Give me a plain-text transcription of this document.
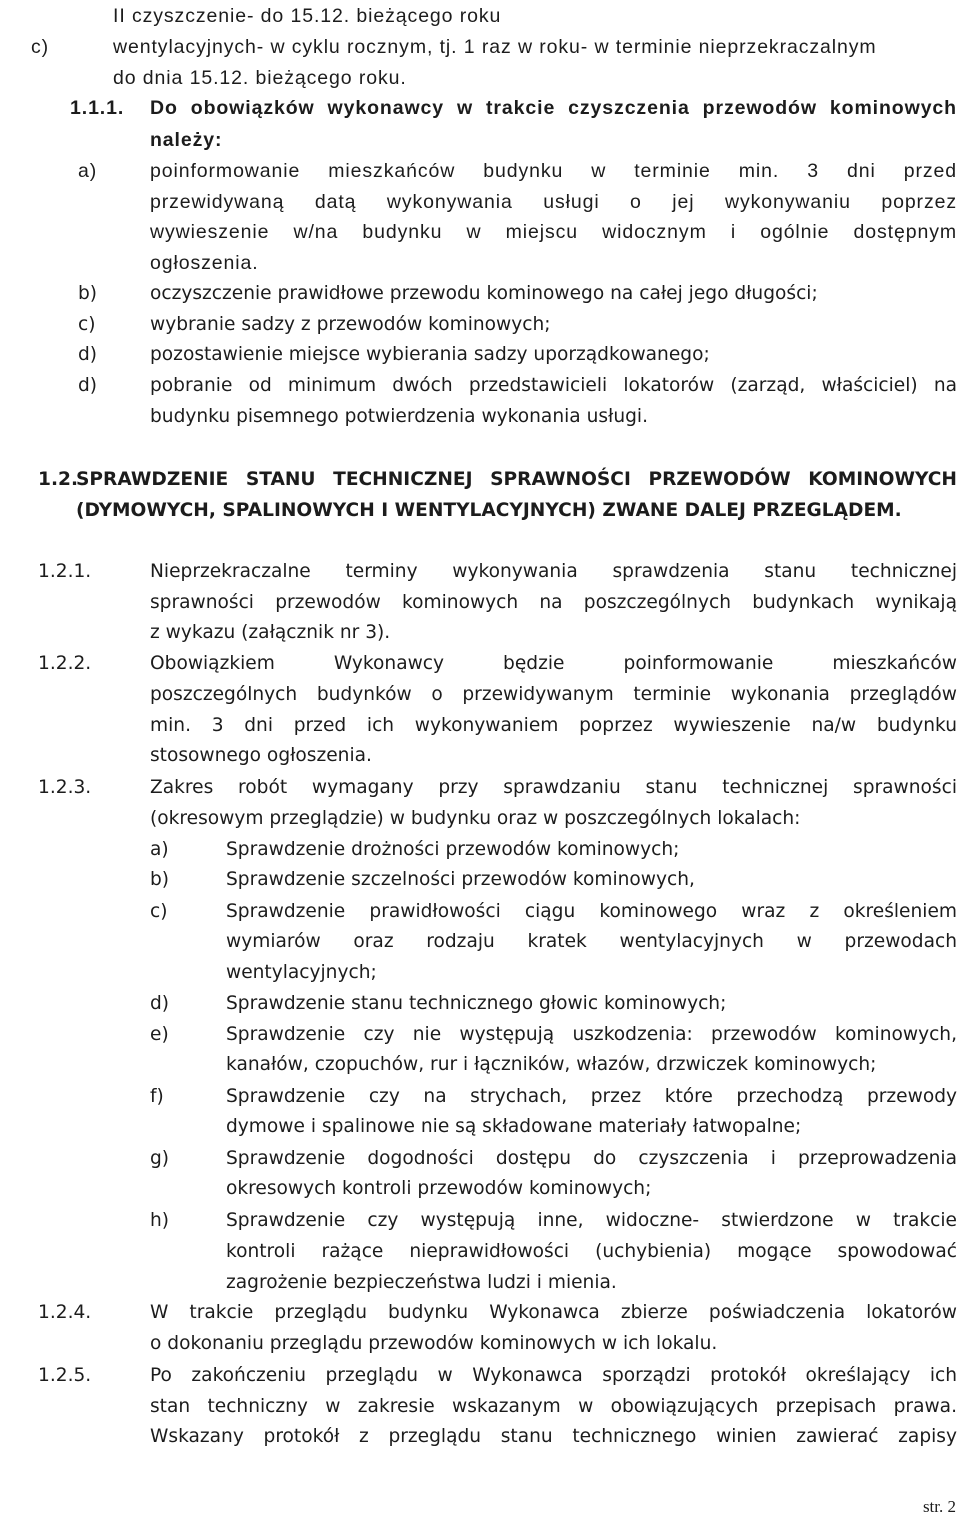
II czyszczenie- do 15.12. bieżącego roku
c)	wentylacyjnych- w cyklu rocznym, tj. 1 raz w roku- w terminie nieprzekraczalnym
do dnia 15.12. bieżącego roku.
1.1.1. Do obowiązków wykonawcy w trakcie czyszczenia przewodów kominowych
należy:
a)	poinformowanie mieszkańców budynku w terminie min. 3 dni przed
przewidywaną datą wykonywania usługi o jej wykonywaniu poprzez
wywieszenie w/na budynku w miejscu widocznym i ogólnie dostępnym
ogłoszenia.
b)	oczyszczenie prawidłowe przewodu kominowego na całej jego długości;
c)	wybranie sadzy z przewodów kominowych;
d)	pozostawienie miejsce wybierania sadzy uporządkowanego;
d)	pobranie od minimum dwóch przedstawicieli lokatorów (zarząd, właściciel) na
budynku pisemnego potwierdzenia wykonania usługi.
1.2.
SPRAWDZENIE STANU TECHNICZNEJ SPRAWNOŚCI PRZEWODÓW KOMINOWYCH
(DYMOWYCH, SPALINOWYCH I WENTYLACYJNYCH) ZWANE DALEJ PRZEGLĄDEM.
1.2.1.	Nieprzekraczalne terminy wykonywania sprawdzenia stanu technicznej
sprawności przewodów kominowych na poszczególnych budynkach wynikają
z wykazu (załącznik nr 3).
1.2.2.	Obowiązkiem Wykonawcy będzie poinformowanie mieszkańców
poszczególnych budynków o przewidywanym terminie wykonania przeglądów
min. 3 dni przed ich wykonywaniem poprzez wywieszenie na/w budynku
stosownego ogłoszenia.
1.2.3.	Zakres robót wymagany przy sprawdzaniu stanu technicznej sprawności
(okresowym przeglądzie) w budynku oraz w poszczególnych lokalach:
a)	Sprawdzenie drożności przewodów kominowych;
b)	Sprawdzenie szczelności przewodów kominowych,
c)	Sprawdzenie prawidłowości ciągu kominowego wraz z określeniem
wymiarów oraz rodzaju kratek wentylacyjnych w przewodach
wentylacyjnych;
d)	Sprawdzenie stanu technicznego głowic kominowych;
e)	Sprawdzenie czy nie występują uszkodzenia: przewodów kominowych,
kanałów, czopuchów, rur i łączników, włazów, drzwiczek kominowych;
f)	Sprawdzenie czy na strychach, przez które przechodzą przewody
dymowe i spalinowe nie są składowane materiały łatwopalne;
g)	Sprawdzenie dogodności dostępu do czyszczenia i przeprowadzenia
okresowych kontroli przewodów kominowych;
h)	Sprawdzenie czy występują inne, widoczne- stwierdzone w trakcie
kontroli rażące nieprawidłowości (uchybienia) mogące spowodować
zagrożenie bezpieczeństwa ludzi i mienia.
1.2.4.	W trakcie przeglądu budynku Wykonawca zbierze poświadczenia lokatorów
o dokonaniu przeglądu przewodów kominowych w ich lokalu.
1.2.5.	Po zakończeniu przeglądu w Wykonawca sporządzi protokół określający ich
stan techniczny w zakresie wskazanym w obowiązujących przepisach prawa.
Wskazany protokół z przeglądu stanu technicznego winien zawierać zapisy
str. 2
